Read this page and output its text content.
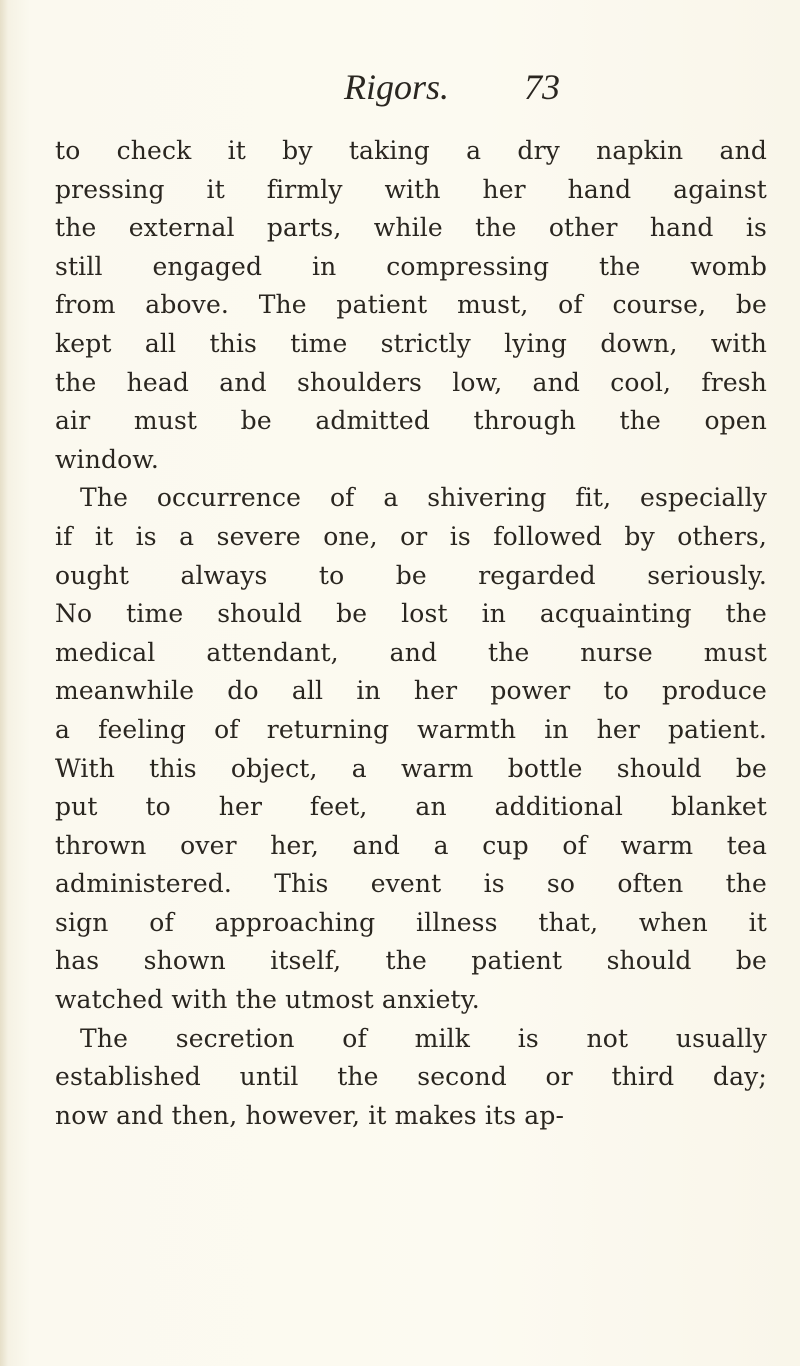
Rigors. 73
to check it by taking a dry napkin and
pressing it firmly with her hand against
the external parts, while the other hand is
still engaged in compressing the womb
from above. The patient must, of course, be
kept all this time strictly lying down, with
the head and shoulders low, and cool, fresh
air must be admitted through the open
window.
The occurrence of a shivering fit, especially
if it is a severe one, or is followed by others,
ought always to be regarded seriously.
No time should be lost in acquainting the
medical attendant, and the nurse must
meanwhile do all in her power to produce
a feeling of returning warmth in her patient.
With this object, a warm bottle should be
put to her feet, an additional blanket
thrown over her, and a cup of warm tea
administered. This event is so often the
sign of approaching illness that, when it
has shown itself, the patient should be
watched with the utmost anxiety.
The secretion of milk is not usually
established until the second or third day;
now and then, however, it makes its ap-
